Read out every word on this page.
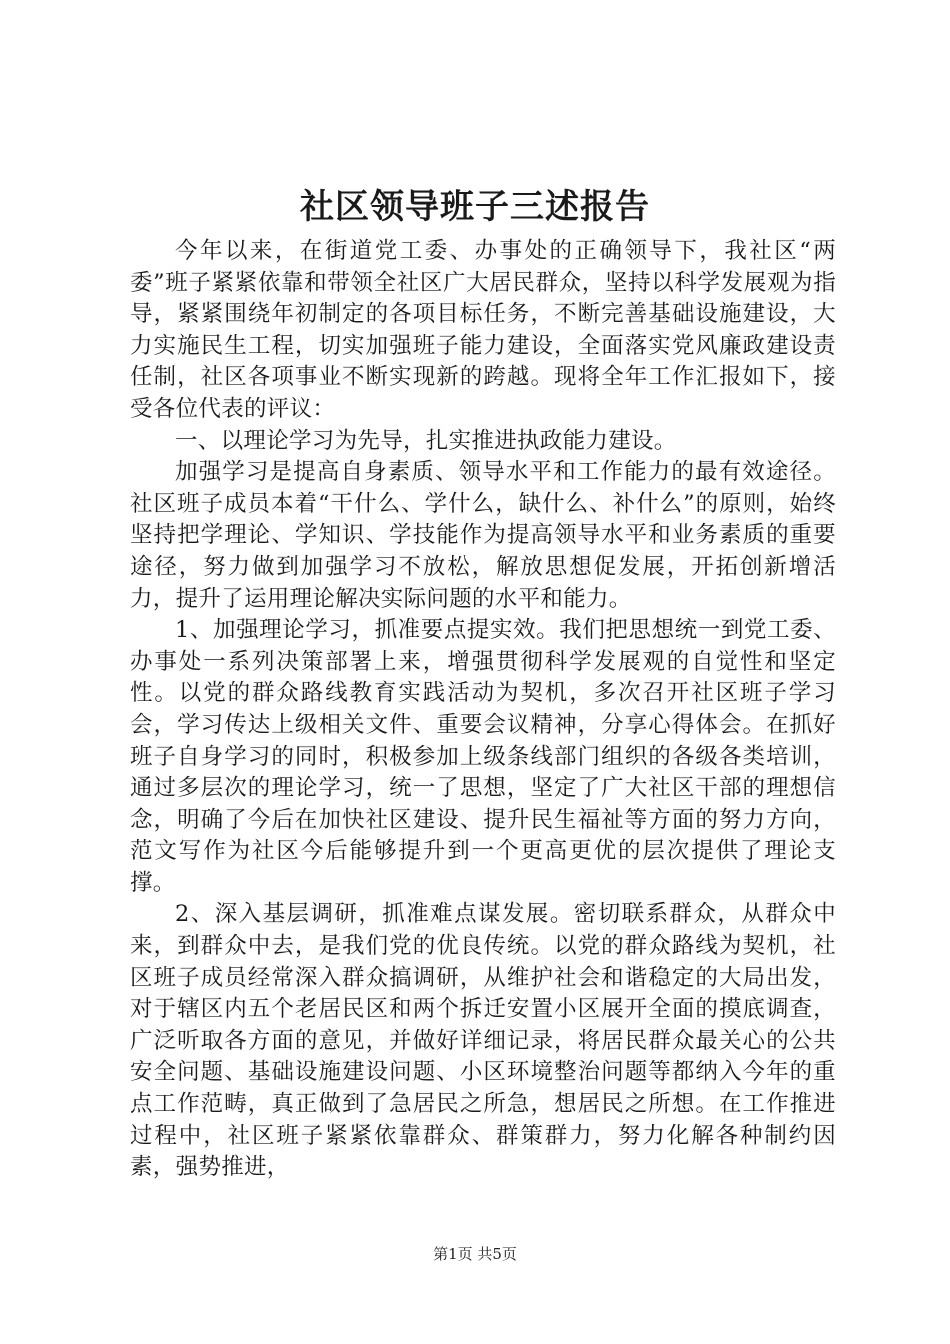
社区领导班子三述报告

今年以来，在街道党工委、办事处的正确领导下，我社区“两委”班子紧紧依靠和带领全社区广大居民群众，坚持以科学发展观为指导，紧紧围绕年初制定的各项目标任务，不断完善基础设施建设，大力实施民生工程，切实加强班子能力建设，全面落实党风廉政建设责任制，社区各项事业不断实现新的跨越。现将全年工作汇报如下，接受各位代表的评议：

一、以理论学习为先导，扎实推进执政能力建设。

加强学习是提高自身素质、领导水平和工作能力的最有效途径。社区班子成员本着“干什么、学什么，缺什么、补什么”的原则，始终坚持把学理论、学知识、学技能作为提高领导水平和业务素质的重要途径，努力做到加强学习不放松，解放思想促发展，开拓创新增活力，提升了运用理论解决实际问题的水平和能力。

1、加强理论学习，抓准要点提实效。我们把思想统一到党工委、办事处一系列决策部署上来，增强贯彻科学发展观的自觉性和坚定性。以党的群众路线教育实践活动为契机，多次召开社区班子学习会，学习传达上级相关文件、重要会议精神，分享心得体会。在抓好班子自身学习的同时，积极参加上级条线部门组织的各级各类培训，通过多层次的理论学习，统一了思想，坚定了广大社区干部的理想信念，明确了今后在加快社区建设、提升民生福祉等方面的努力方向，范文写作为社区今后能够提升到一个更高更优的层次提供了理论支撑。

2、深入基层调研，抓准难点谋发展。密切联系群众，从群众中来，到群众中去，是我们党的优良传统。以党的群众路线为契机，社区班子成员经常深入群众搞调研，从维护社会和谐稳定的大局出发，对于辖区内五个老居民区和两个拆迁安置小区展开全面的摸底调查，广泛听取各方面的意见，并做好详细记录，将居民群众最关心的公共安全问题、基础设施建设问题、小区环境整治问题等都纳入今年的重点工作范畴，真正做到了急居民之所急，想居民之所想。在工作推进过程中，社区班子紧紧依靠群众、群策群力，努力化解各种制约因素，强势推进，

第1页 共5页
